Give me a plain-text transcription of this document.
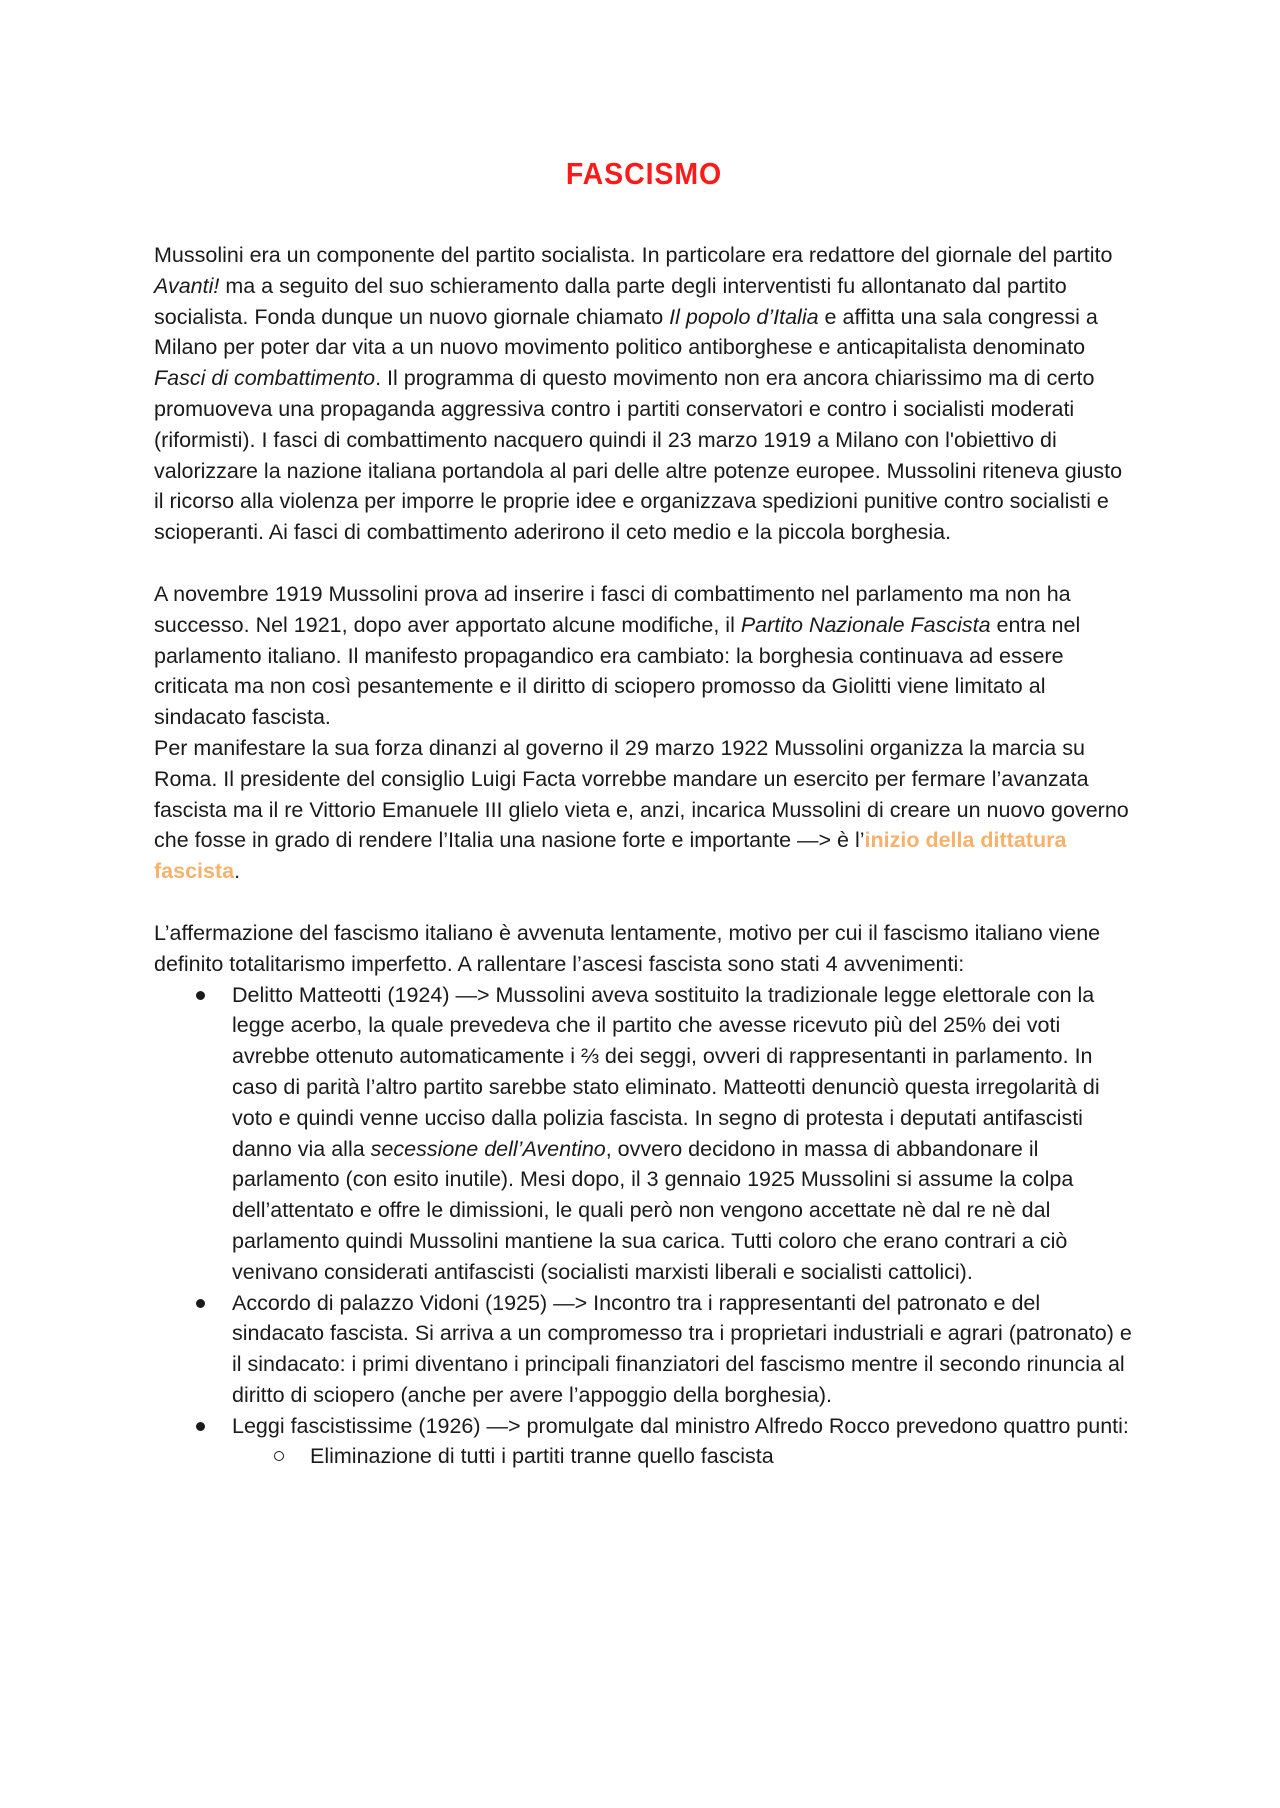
FASCISMO

Mussolini era un componente del partito socialista. In particolare era redattore del giornale del partito Avanti! ma a seguito del suo schieramento dalla parte degli interventisti fu allontanato dal partito socialista. Fonda dunque un nuovo giornale chiamato Il popolo d’Italia e affitta una sala congressi a Milano per poter dar vita a un nuovo movimento politico antiborghese e anticapitalista denominato Fasci di combattimento. Il programma di questo movimento non era ancora chiarissimo ma di certo promuoveva una propaganda aggressiva contro i partiti conservatori e contro i socialisti moderati (riformisti). I fasci di combattimento nacquero quindi il 23 marzo 1919 a Milano con l'obiettivo di valorizzare la nazione italiana portandola al pari delle altre potenze europee. Mussolini riteneva giusto il ricorso alla violenza per imporre le proprie idee e organizzava spedizioni punitive contro socialisti e scioperanti. Ai fasci di combattimento aderirono il ceto medio e la piccola borghesia.

A novembre 1919 Mussolini prova ad inserire i fasci di combattimento nel parlamento ma non ha successo. Nel 1921, dopo aver apportato alcune modifiche, il Partito Nazionale Fascista entra nel parlamento italiano. Il manifesto propagandico era cambiato: la borghesia continuava ad essere criticata ma non così pesantemente e il diritto di sciopero promosso da Giolitti viene limitato al sindacato fascista.

Per manifestare la sua forza dinanzi al governo il 29 marzo 1922 Mussolini organizza la marcia su Roma. Il presidente del consiglio Luigi Facta vorrebbe mandare un esercito per fermare l’avanzata fascista ma il re Vittorio Emanuele III glielo vieta e, anzi, incarica Mussolini di creare un nuovo governo che fosse in grado di rendere l’Italia una nasione forte e importante —> è l’inizio della dittatura fascista.

L’affermazione del fascismo italiano è avvenuta lentamente, motivo per cui il fascismo italiano viene definito totalitarismo imperfetto. A rallentare l’ascesi fascista sono stati 4 avvenimenti:

Delitto Matteotti (1924) —> Mussolini aveva sostituito la tradizionale legge elettorale con la legge acerbo, la quale prevedeva che il partito che avesse ricevuto più del 25% dei voti avrebbe ottenuto automaticamente i ⅔ dei seggi, ovveri di rappresentanti in parlamento. In caso di parità l’altro partito sarebbe stato eliminato. Matteotti denunciò questa irregolarità di voto e quindi venne ucciso dalla polizia fascista. In segno di protesta i deputati antifascisti danno via alla secessione dell’Aventino, ovvero decidono in massa di abbandonare il parlamento (con esito inutile). Mesi dopo, il 3 gennaio 1925 Mussolini si assume la colpa dell’attentato e offre le dimissioni, le quali però non vengono accettate nè dal re nè dal parlamento quindi Mussolini mantiene la sua carica. Tutti coloro che erano contrari a ciò venivano considerati antifascisti (socialisti marxisti liberali e socialisti cattolici).
Accordo di palazzo Vidoni (1925) —> Incontro tra i rappresentanti del patronato e del sindacato fascista. Si arriva a un compromesso tra i proprietari industriali e agrari (patronato) e il sindacato: i primi diventano i principali finanziatori del fascismo mentre il secondo rinuncia al diritto di sciopero (anche per avere l’appoggio della borghesia).
Leggi fascistissime (1926) —> promulgate dal ministro Alfredo Rocco prevedono quattro punti:
Eliminazione di tutti i partiti tranne quello fascista
